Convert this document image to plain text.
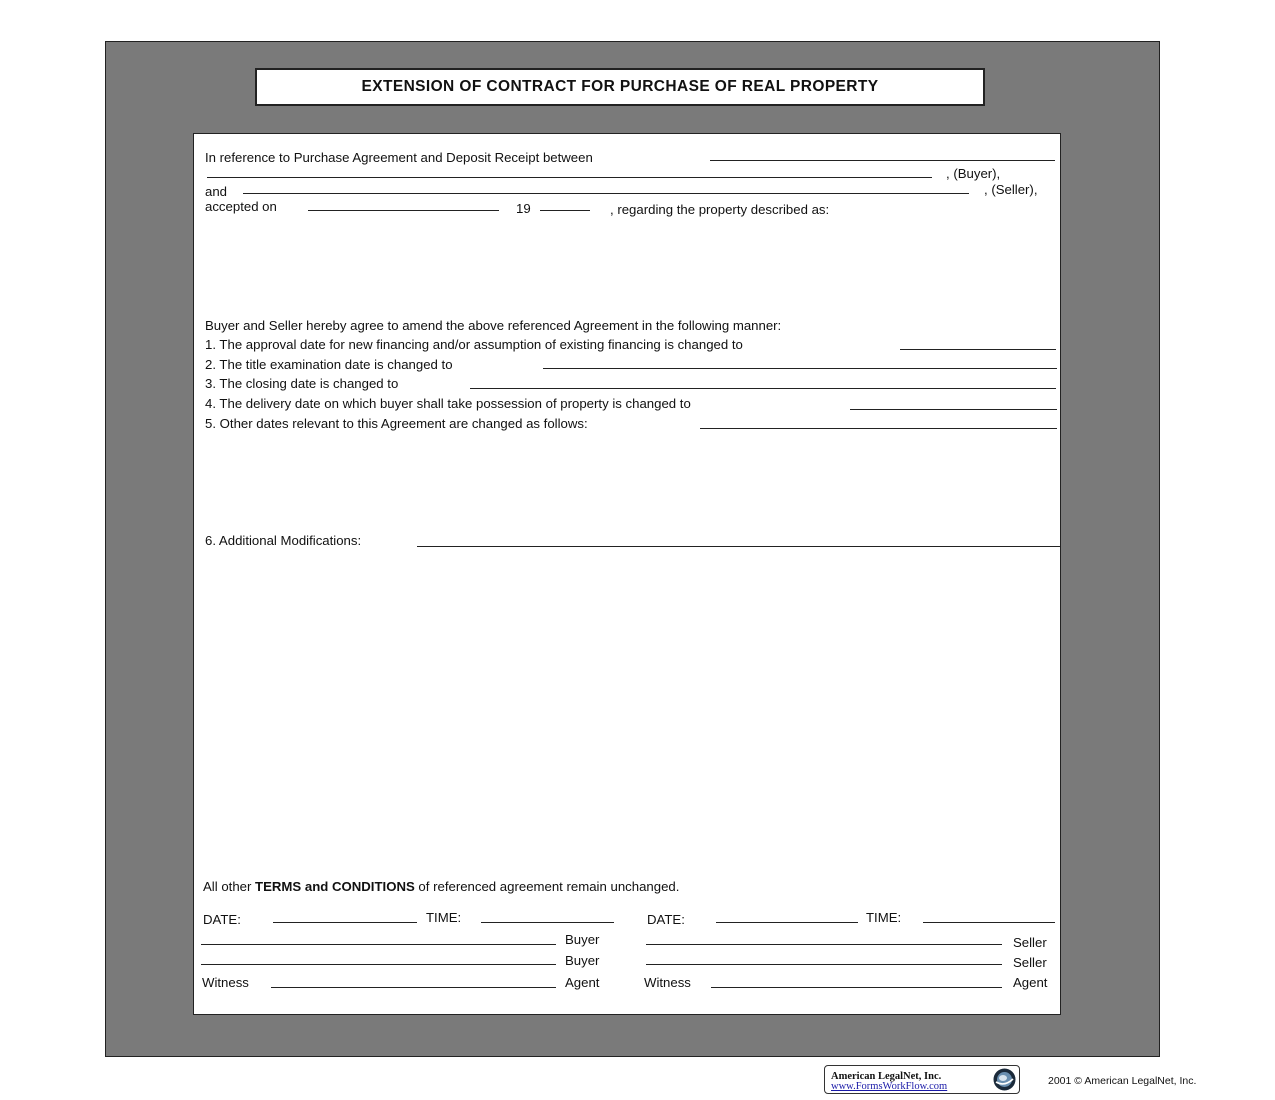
EXTENSION OF CONTRACT FOR PURCHASE OF REAL PROPERTY
In reference to Purchase Agreement and Deposit Receipt between
, (Buyer),
and	, (Seller),
accepted on	19	, regarding the property described as:
Buyer and Seller hereby agree to amend the above referenced Agreement in the following manner:
1. The approval date for new financing and/or assumption of existing financing is changed to
2. The title examination date is changed to
3. The closing date is changed to
4. The delivery date on which buyer shall take possession of property is changed to
5. Other dates relevant to this Agreement are changed as follows:
6. Additional Modifications:
All other TERMS and CONDITIONS of referenced agreement remain unchanged.
DATE:	TIME:
Buyer
Buyer
Witness	Agent
DATE:	TIME:
Seller
Seller
Witness	Agent
American LegalNet, Inc.
www.FormsWorkFlow.com	2001 © American LegalNet, Inc.
